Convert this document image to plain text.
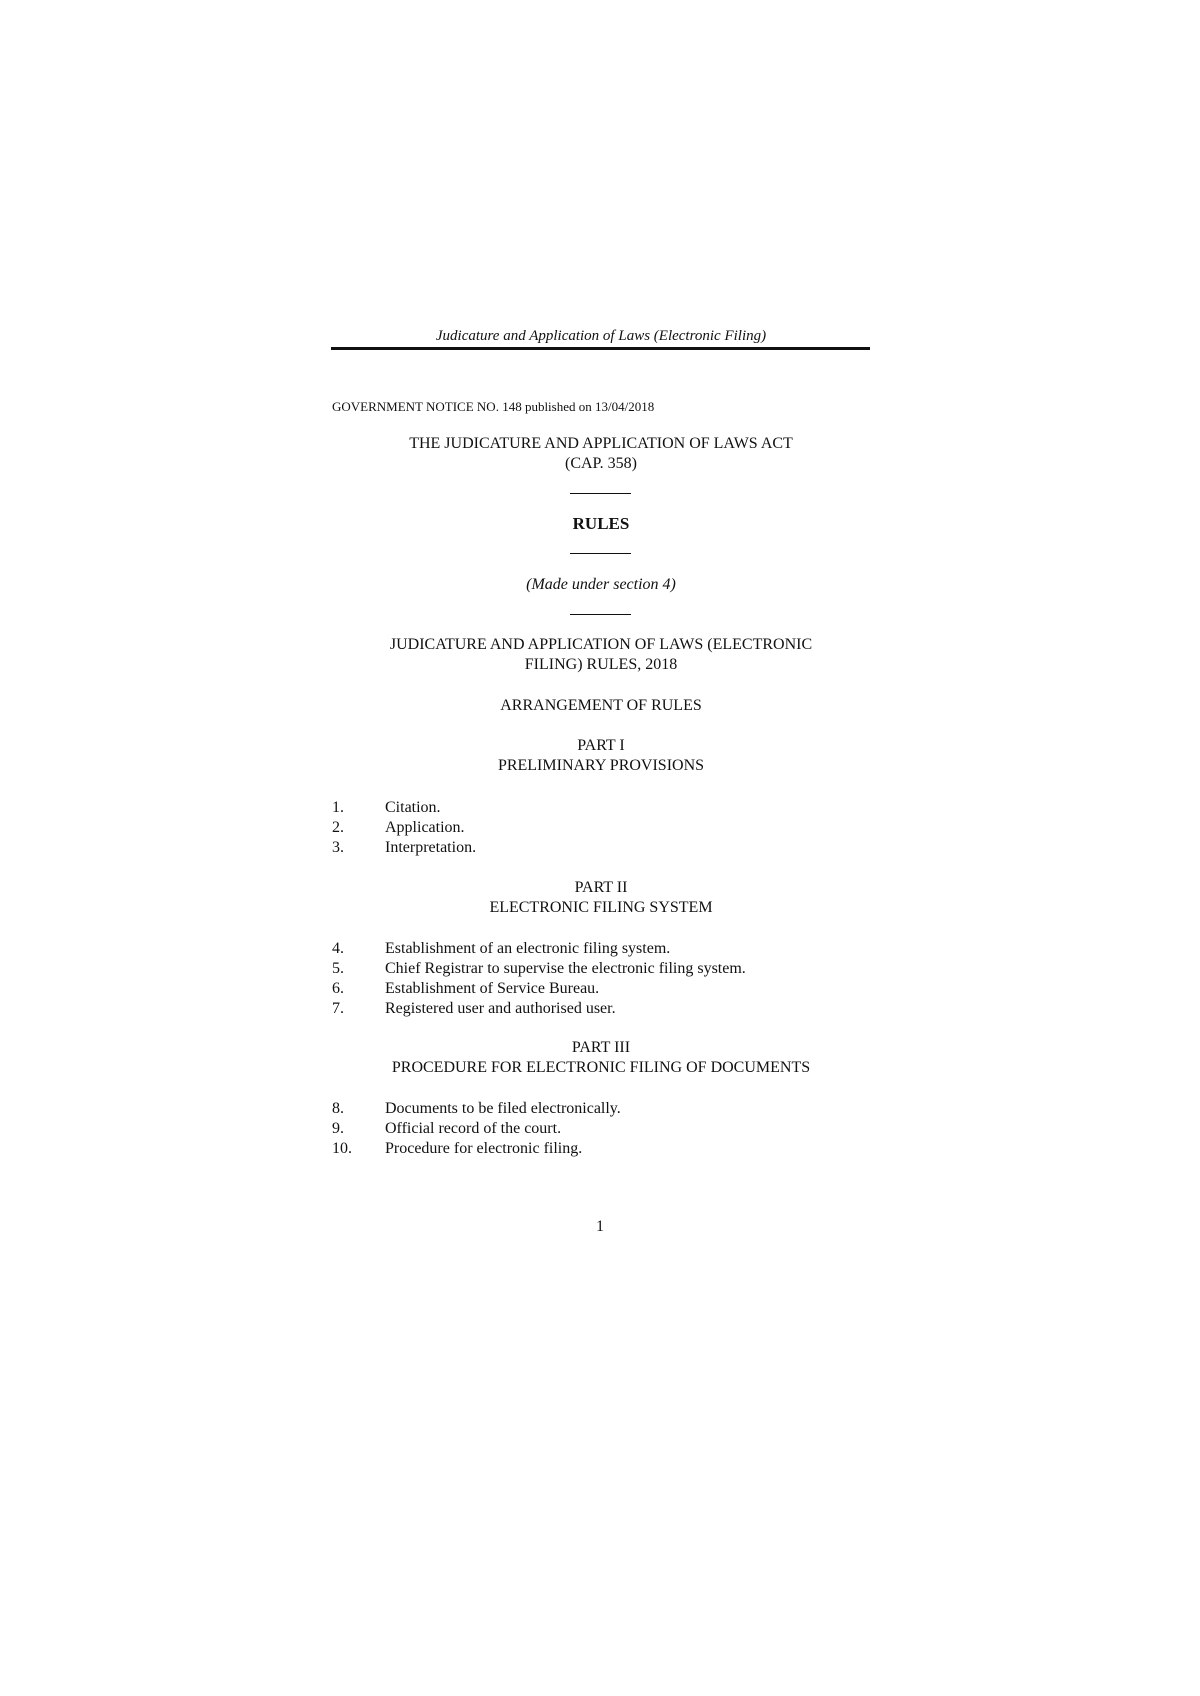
Judicature and Application of Laws (Electronic Filing)
GOVERNMENT NOTICE NO. 148 published on 13/04/2018
THE JUDICATURE AND APPLICATION OF LAWS ACT
(CAP. 358)
RULES
(Made under section 4)
JUDICATURE AND APPLICATION OF LAWS (ELECTRONIC
FILING) RULES, 2018
ARRANGEMENT OF RULES
PART I
PRELIMINARY PROVISIONS
1.	Citation.
2.	Application.
3.	Interpretation.
PART II
ELECTRONIC FILING SYSTEM
4.	Establishment of an electronic filing system.
5.	Chief Registrar to supervise the electronic filing system.
6.	Establishment of Service Bureau.
7.	Registered user and authorised user.
PART III
PROCEDURE FOR ELECTRONIC FILING OF DOCUMENTS
8.	Documents to be filed electronically.
9.	Official record of the court.
10.	Procedure for electronic filing.
1
